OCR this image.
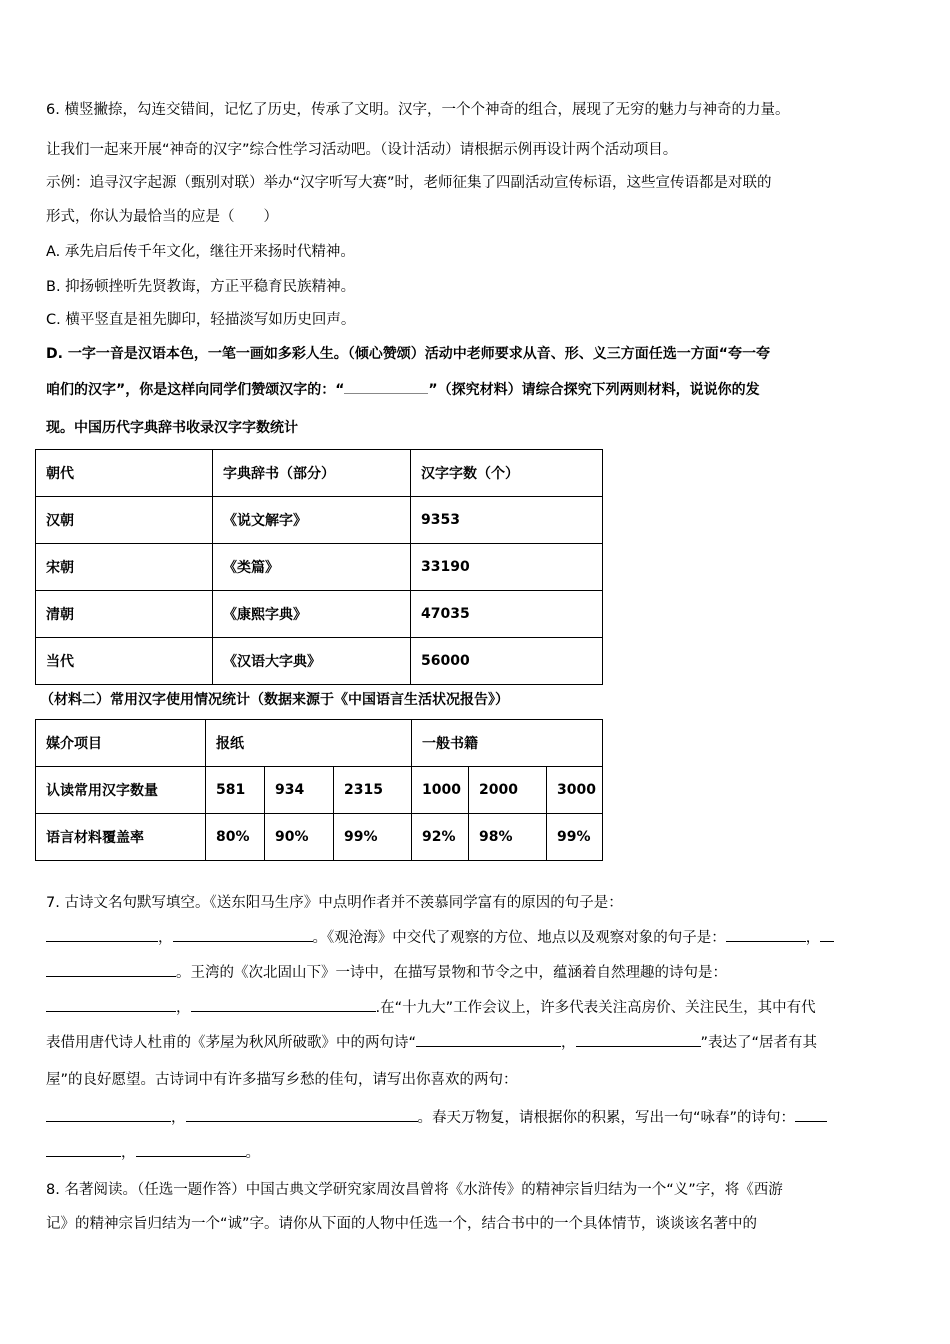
6. 横竖撇捺，勾连交错间，记忆了历史，传承了文明。汉字，一个个神奇的组合，展现了无穷的魅力与神奇的力量。
让我们一起来开展“神奇的汉字”综合性学习活动吧。（设计活动）请根据示例再设计两个活动项目。
示例：追寻汉字起源（甄别对联）举办“汉字听写大赛”时，老师征集了四副活动宣传标语，这些宣传语都是对联的
形式，你认为最恰当的应是（　　）
A. 承先启后传千年文化，继往开来扬时代精神。
B. 抑扬顿挫听先贤教诲，方正平稳育民族精神。
C. 横平竖直是祖先脚印，轻描淡写如历史回声。
D. 一字一音是汉语本色，一笔一画如多彩人生。（倾心赞颂）活动中老师要求从音、形、义三方面任选一方面“夸一夸
咱们的汉字”，你是这样向同学们赞颂汉字的：“	”（探究材料）请综合探究下列两则材料，说说你的发
现。中国历代字典辞书收录汉字字数统计
朝代	字典辞书（部分）	汉字字数（个）
汉朝	《说文解字》	9353
宋朝	《类篇》	33190
清朝	《康熙字典》	47035
当代	《汉语大字典》	56000
（材料二）常用汉字使用情况统计（数据来源于《中国语言生活状况报告》）
媒介项目	报纸			一般书籍		
认读常用汉字数量	581	934	2315	1000	2000	3000
语言材料覆盖率	80%	90%	99%	92%	98%	99%
7. 古诗文名句默写填空。《送东阳马生序》中点明作者并不羡慕同学富有的原因的句子是：
，	。《观沧海》中交代了观察的方位、地点以及观察对象的句子是：	，
。王湾的《次北固山下》一诗中，在描写景物和节令之中，蕴涵着自然理趣的诗句是：
，	.在“十九大”工作会议上，许多代表关注高房价、关注民生，其中有代
表借用唐代诗人杜甫的《茅屋为秋风所破歌》中的两句诗“	，	”表达了“居者有其
屋”的良好愿望。古诗词中有许多描写乡愁的佳句，请写出你喜欢的两句：
，	。春天万物复，请根据你的积累，写出一句“咏春”的诗句：
，	。
8. 名著阅读。（任选一题作答）中国古典文学研究家周汝昌曾将《水浒传》的精神宗旨归结为一个“义”字，将《西游
记》的精神宗旨归结为一个“诚”字。请你从下面的人物中任选一个，结合书中的一个具体情节，谈谈该名著中的
